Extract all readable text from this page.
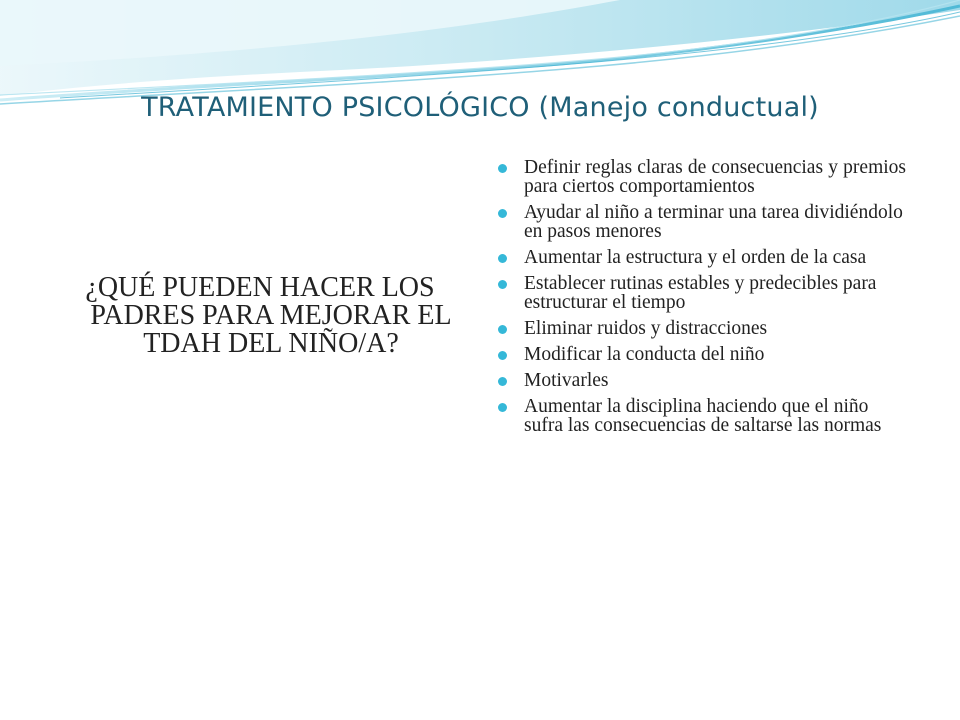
TRATAMIENTO PSICOLÓGICO (Manejo conductual)
¿QUÉ PUEDEN HACER LOS PADRES PARA MEJORAR EL TDAH DEL NIÑO/A?
Definir reglas claras de consecuencias y premios para ciertos comportamientos
Ayudar al niño a terminar una tarea dividiéndolo en pasos menores
Aumentar la estructura y el orden de la casa
Establecer rutinas estables y predecibles para estructurar el tiempo
Eliminar ruidos y distracciones
Modificar la conducta del niño
Motivarles
Aumentar la disciplina haciendo que el niño sufra las consecuencias de saltarse las normas
